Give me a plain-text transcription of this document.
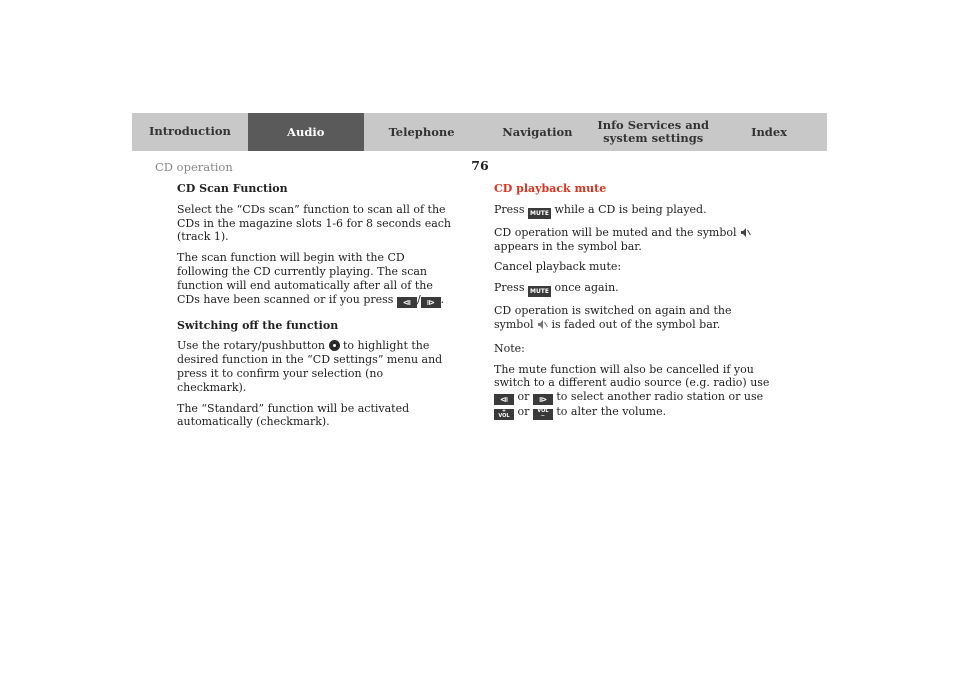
Introduction	Audio	Telephone	Navigation	Info Services and system settings	Index
76
CD operation
CD Scan Function

Select the “CDs scan” function to scan all of the CDs in the magazine slots 1-6 for 8 seconds each (track 1).

The scan function will begin with the CD following the CD currently playing. The scan function will end automatically after all of the CDs have been scanned or if you press ⧏ / ⧐ .

Switching off the function

Use the rotary/pushbutton to highlight the desired function in the “CD settings” menu and press it to confirm your selection (no checkmark).

The “Standard” function will be activated automatically (checkmark).

CD playback mute

Press MUTE while a CD is being played.

CD operation will be muted and the symbol  appears in the symbol bar.

Cancel playback mute:

Press MUTE once again.

CD operation is switched on again and the symbol is faded out of the symbol bar.

Note:

The mute function will also be cancelled if you switch to a different audio source (e.g. radio) use ⧏ or ⧐ to select another radio station or use +
VOL or VOL
− to alter the volume.
